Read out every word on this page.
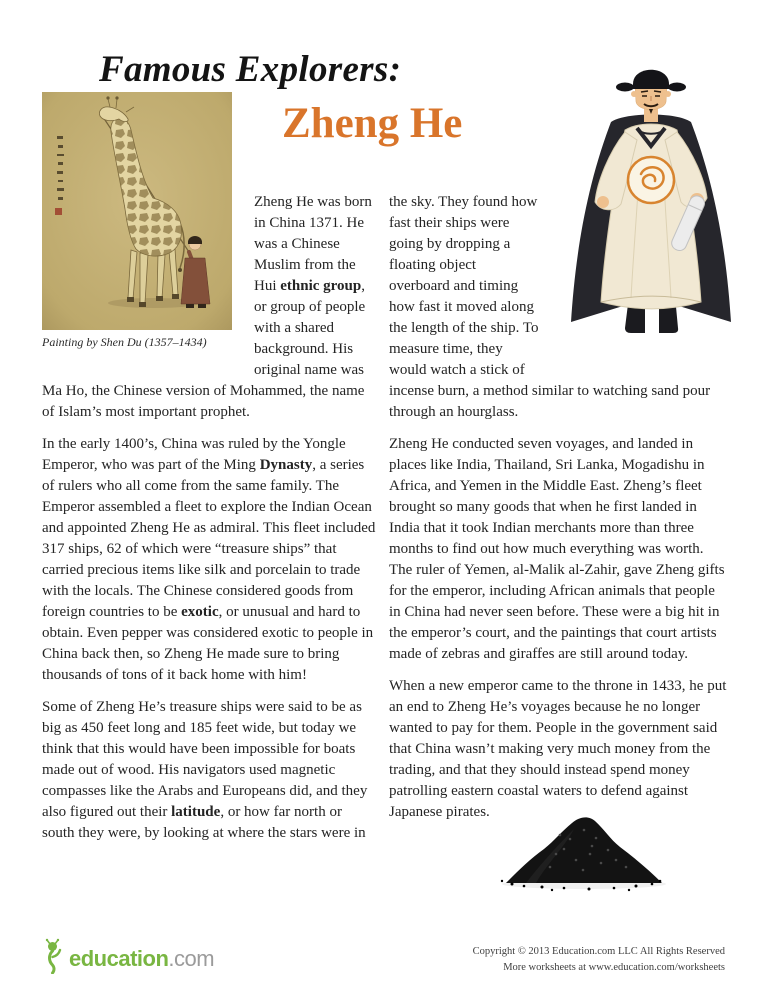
Famous Explorers:
Zheng He
Painting by Shen Du (1357–1434)

Zheng He was born in China 1371. He was a Chinese Muslim from the Hui ethnic group, or group of people with a shared background. His original name was Ma Ho, the Chinese version of Mohammed, the name of Islam’s most important prophet.

In the early 1400’s, China was ruled by the Yongle Emperor, who was part of the Ming Dynasty, a series of rulers who all come from the same family. The Emperor assembled a fleet to explore the Indian Ocean and appointed Zheng He as admiral. This fleet included 317 ships, 62 of which were “treasure ships” that carried precious items like silk and porcelain to trade with the locals. The Chinese considered goods from foreign countries to be exotic, or unusual and hard to obtain. Even pepper was considered exotic to people in China back then, so Zheng He made sure to bring thousands of tons of it back home with him!

Some of Zheng He’s treasure ships were said to be as big as 450 feet long and 185 feet wide, but today we think that this would have been impossible for boats made out of wood. His navigators used magnetic compasses like the Arabs and Europeans did, and they also figured out their latitude, or how far north or south they were, by looking at where the stars were in

the sky. They found how fast their ships were going by dropping a floating object overboard and timing how fast it moved along the length of the ship. To measure time, they would watch a stick of incense burn, a method similar to watching sand pour through an hourglass.

Zheng He conducted seven voyages, and landed in places like India, Thailand, Sri Lanka, Mogadishu in Africa, and Yemen in the Middle East. Zheng’s fleet brought so many goods that when he first landed in India that it took Indian merchants more than three months to find out how much everything was worth. The ruler of Yemen, al-Malik al-Zahir, gave Zheng gifts for the emperor, including African animals that people in China had never seen before. These were a big hit in the emperor’s court, and the paintings that court artists made of zebras and giraffes are still around today.

When a new emperor came to the throne in 1433, he put an end to Zheng He’s voyages because he no longer wanted to pay for them. People in the government said that China wasn’t making very much money from the trading, and that they should instead spend money patrolling eastern coastal waters to defend against Japanese pirates.

education .com	Copyright © 2013 Education.com LLC All Rights Reserved
More worksheets at www.education.com/worksheets
